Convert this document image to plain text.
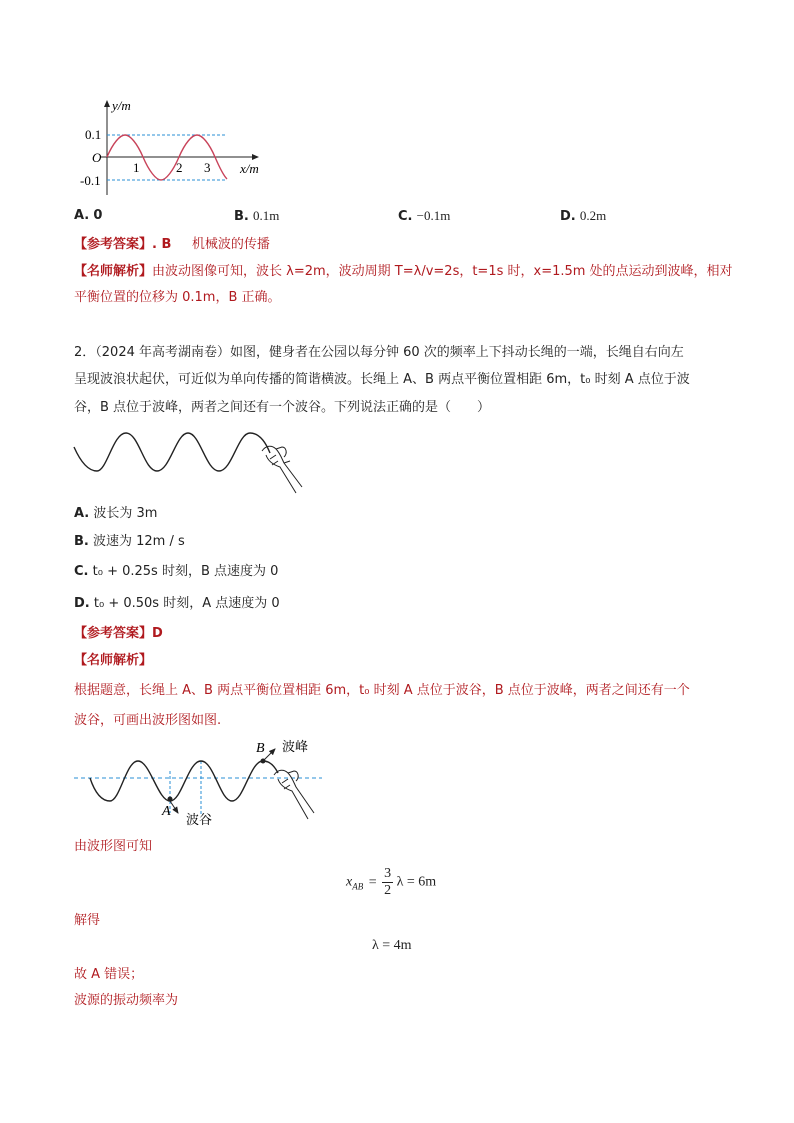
y/m
x/m
O
0.1
-0.1
1	2 3
A. 0	B. 0.1m	C. −0.1m	D. 0.2m
【参考答案】. B 机械波的传播
【名师解析】由波动图像可知，波长 λ=2m，波动周期 T=λ/v=2s，t=1s 时，x=1.5m 处的点运动到波峰，相对
平衡位置的位移为 0.1m，B 正确。
2．（2024 年高考湖南卷）如图，健身者在公园以每分钟 60 次的频率上下抖动长绳的一端，长绳自右向左
呈现波浪状起伏，可近似为单向传播的简谐横波。长绳上 A、B 两点平衡位置相距 6m，t₀ 时刻 A 点位于波
谷，B 点位于波峰，两者之间还有一个波谷。下列说法正确的是（　　）
A. 波长为 3m
B. 波速为 12m / s
C. t₀ + 0.25s 时刻，B 点速度为 0
D. t₀ + 0.50s 时刻，A 点速度为 0
【参考答案】D
【名师解析】
根据题意，长绳上 A、B 两点平衡位置相距 6m，t₀ 时刻 A 点位于波谷，B 点位于波峰，两者之间还有一个
波谷，可画出波形图如图.
B 波峰
A
波谷
由波形图可知
$x_{AB} = \frac{3}{2}$ λ = 6m
解得
λ = 4m
故 A 错误；
波源的振动频率为
